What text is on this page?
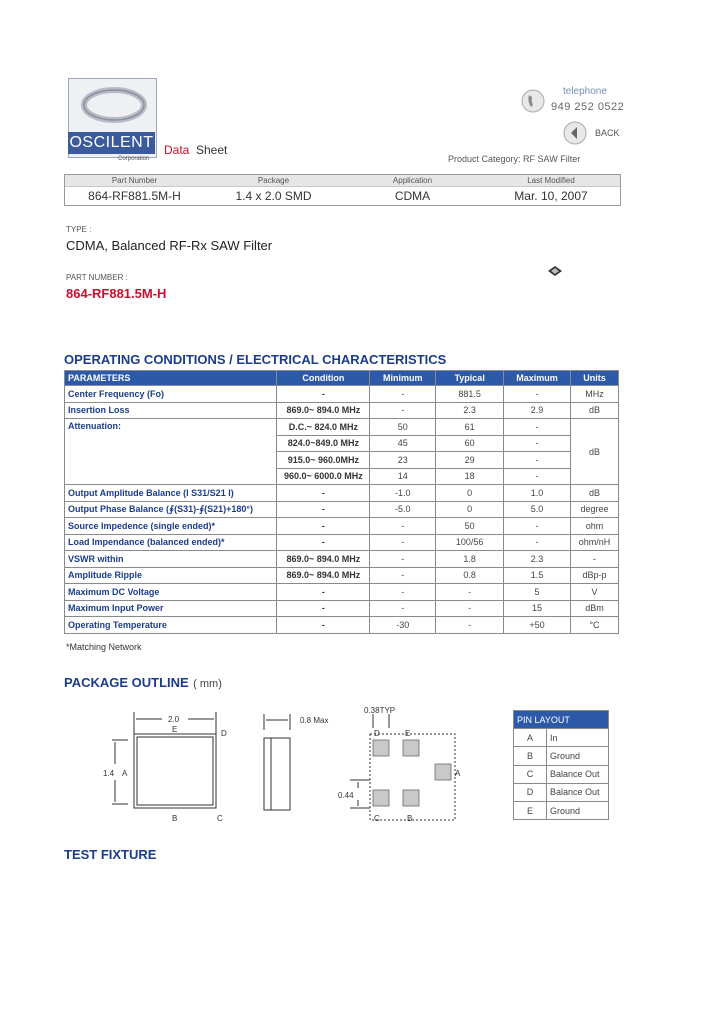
OSCILENT
Corporation
Data Sheet
telephone
949 252 0522
BACK
Product Category: RF SAW Filter
Part Number	Package	Application	Last Modified
864-RF881.5M-H	1.4 x 2.0 SMD	CDMA	Mar. 10, 2007
TYPE :
CDMA, Balanced RF-Rx SAW Filter
PART NUMBER :
864-RF881.5M-H
OPERATING CONDITIONS / ELECTRICAL CHARACTERISTICS
PARAMETERS	Condition	Minimum	Typical	Maximum	Units
Center Frequency (Fo)	-	-	881.5	-	MHz
Insertion Loss	869.0~ 894.0 MHz	-	2.3	2.9	dB
Attenuation:	D.C.~ 824.0 MHz	50	61	-	dB
	824.0~849.0 MHz	45	60	-	
	915.0~ 960.0MHz	23	29	-	
	960.0~ 6000.0 MHz	14	18	-	
Output Amplitude Balance (I S31/S21 I)	-	-1.0	0	1.0	dB
Output Phase Balance (∮(S31)-∮(S21)+180°)	-	-5.0	0	5.0	degree
Source Impedence (single ended)*	-	-	50	-	ohm
Load Impendance (balanced ended)*	-	-	100/56	-	ohm/nH
VSWR within	869.0~ 894.0 MHz	-	1.8	2.3	-
Amplitude Ripple	869.0~ 894.0 MHz	-	0.8	1.5	dBp-p
Maximum DC Voltage	-	-	-	5	V
Maximum Input Power	-	-	-	15	dBm
Operating Temperature	-	-30	-	+50	°C
*Matching Network
PACKAGE OUTLINE ( mm)
2.0
1.4 A
E	D
B	C
0.8 Max
0.38TYP
0.44
D	E
A
C	B
PIN LAYOUT	
A	In
B	Ground
C	Balance Out
D	Balance Out
E	Ground
TEST FIXTURE
